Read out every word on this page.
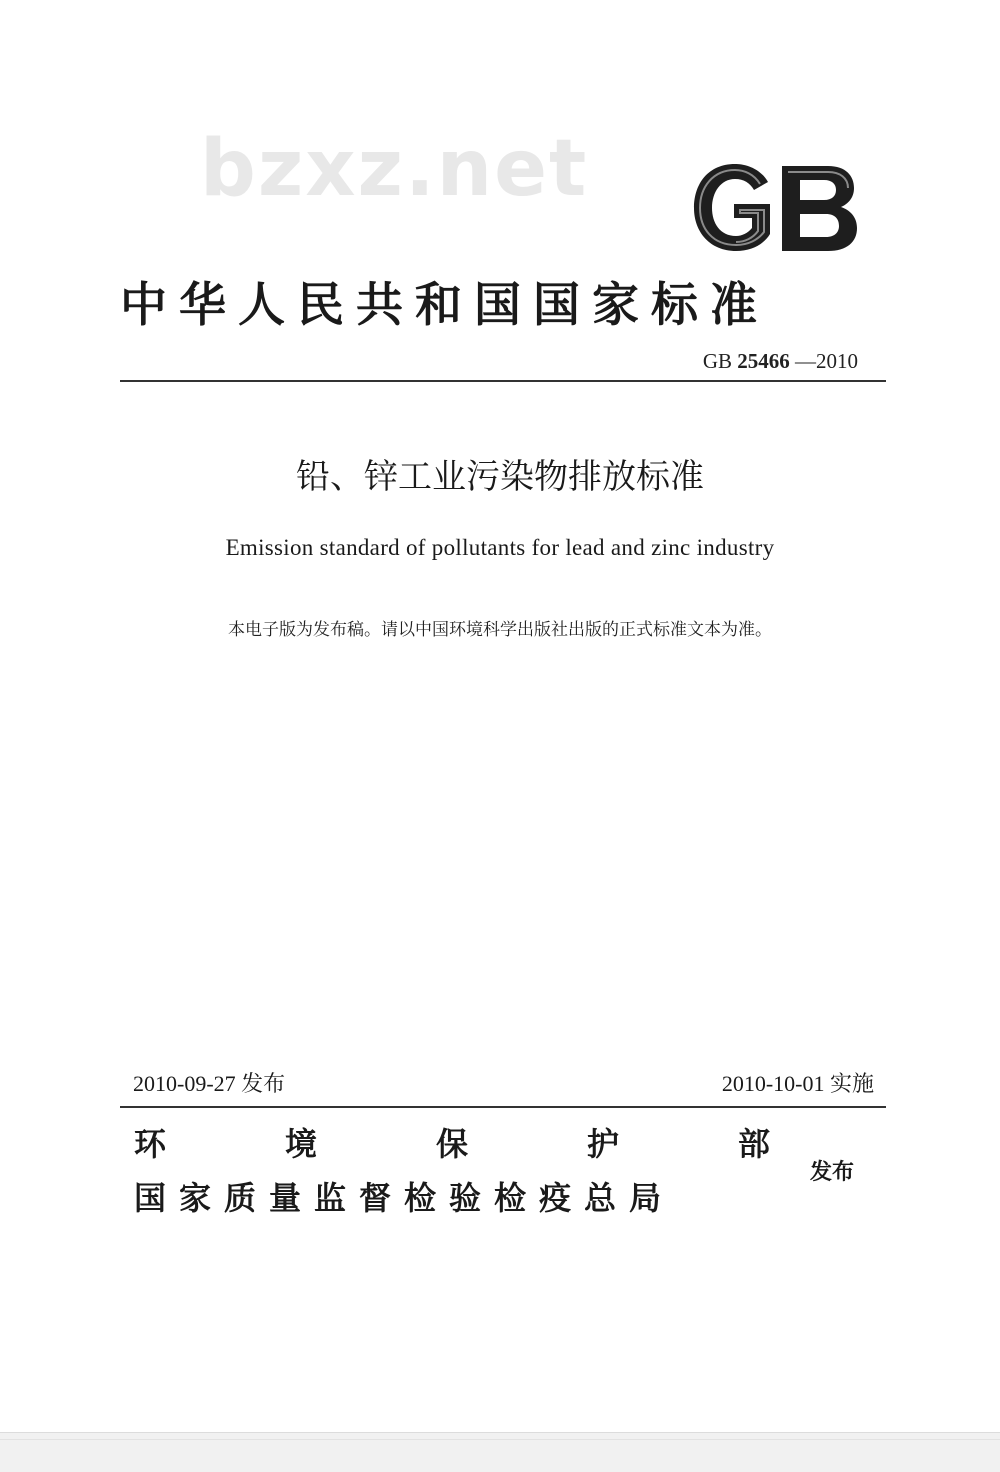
bzxz.net
中华人民共和国国家标准
GB 25466 —2010
铅、锌工业污染物排放标准
Emission standard of pollutants for lead and zinc industry
本电子版为发布稿。请以中国环境科学出版社出版的正式标准文本为准。
2010-09-27 发布	2010-10-01 实施
环	境	保	护	部
国家质量监督检验检疫总局
发布
